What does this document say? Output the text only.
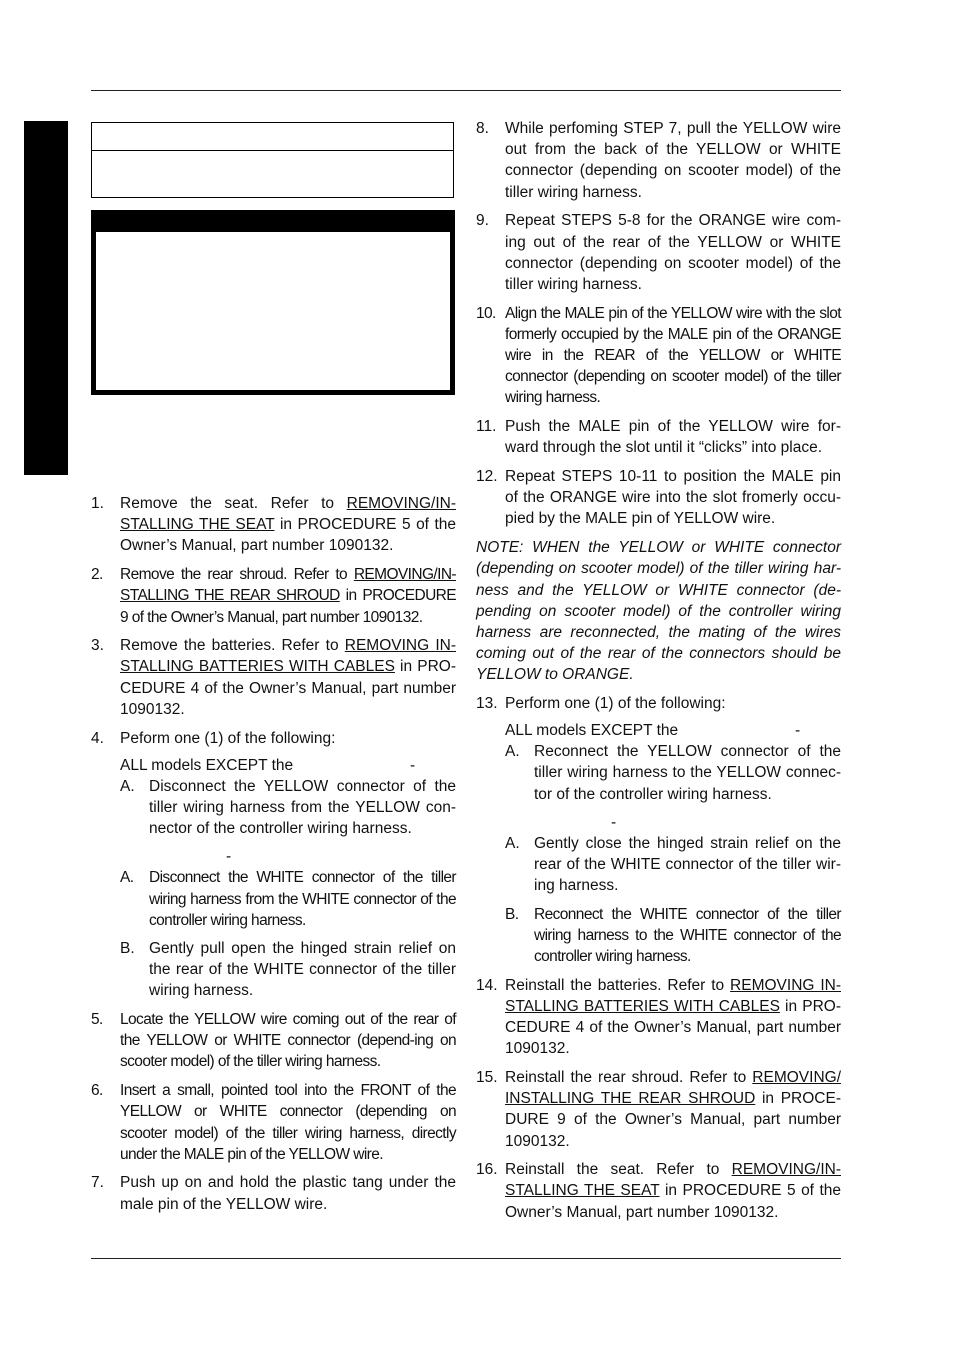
1. Remove the seat. Refer to REMOVING/IN-STALLING THE SEAT in PROCEDURE 5 of the Owner’s Manual, part number 1090132.

2. Remove the rear shroud. Refer to REMOVING/IN-STALLING THE REAR SHROUD in PROCEDURE 9 of the Owner’s Manual, part number 1090132.

3. Remove the batteries. Refer to REMOVING IN-STALLING BATTERIES WITH CABLES in PRO-CEDURE 4 of the Owner’s Manual, part number 1090132.

4. Peform one (1) of the following:

ALL models EXCEPT the	-
A. Disconnect the YELLOW connector of the tiller wiring harness from the YELLOW con-nector of the controller wiring harness.

-
A. Disconnect the WHITE connector of the tiller wiring harness from the WHITE connector of the controller wiring harness.

B. Gently pull open the hinged strain relief on the rear of the WHITE connector of the tiller wiring harness.

5. Locate the YELLOW wire coming out of the rear of the YELLOW or WHITE connector (depend-ing on scooter model) of the tiller wiring harness.

6. Insert a small, pointed tool into the FRONT of the YELLOW or WHITE connector (depending on scooter model) of the tiller wiring harness, directly under the MALE pin of the YELLOW wire.

7. Push up on and hold the plastic tang under the male pin of the YELLOW wire.

8. While perfoming STEP 7, pull the YELLOW wire out from the back of the YELLOW or WHITE connector (depending on scooter model) of the tiller wiring harness.

9. Repeat STEPS 5-8 for the ORANGE wire com-ing out of the rear of the YELLOW or WHITE connector (depending on scooter model) of the tiller wiring harness.

10. Align the MALE pin of the YELLOW wire with the slot formerly occupied by the MALE pin of the ORANGE wire in the REAR of the YELLOW or WHITE connector (depending on scooter model) of the tiller wiring harness.

11. Push the MALE pin of the YELLOW wire for-ward through the slot until it “clicks” into place.

12. Repeat STEPS 10-11 to position the MALE pin of the ORANGE wire into the slot fromerly occu-pied by the MALE pin of YELLOW wire.

NOTE: WHEN the YELLOW or WHITE connector (depending on scooter model) of the tiller wiring har-ness and the YELLOW or WHITE connector (de-pending on scooter model) of the controller wiring harness are reconnected, the mating of the wires coming out of the rear of the connectors should be YELLOW to ORANGE.

13. Perform one (1) of the following:

ALL models EXCEPT the	-
A. Reconnect the YELLOW connector of the tiller wiring harness to the YELLOW connec-tor of the controller wiring harness.

-
A. Gently close the hinged strain relief on the rear of the WHITE connector of the tiller wir-ing harness.

B. Reconnect the WHITE connector of the tiller wiring harness to the WHITE connector of the controller wiring harness.

14. Reinstall the batteries. Refer to REMOVING IN-STALLING BATTERIES WITH CABLES in PRO-CEDURE 4 of the Owner’s Manual, part number 1090132.

15. Reinstall the rear shroud. Refer to REMOVING/ INSTALLING THE REAR SHROUD in PROCE-DURE 9 of the Owner’s Manual, part number 1090132.

16. Reinstall the seat. Refer to REMOVING/IN-STALLING THE SEAT in PROCEDURE 5 of the Owner’s Manual, part number 1090132.
